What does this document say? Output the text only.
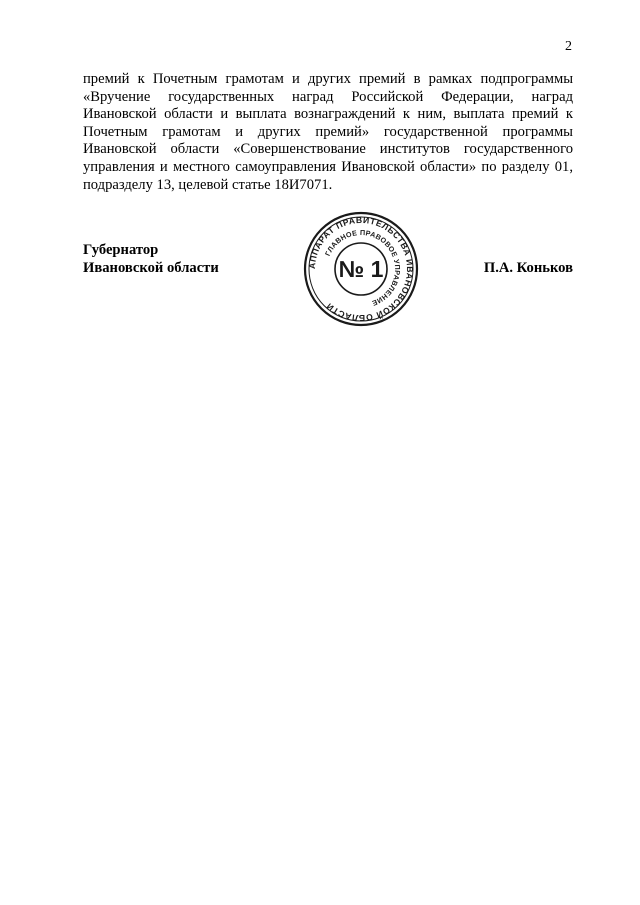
2

премий к Почетным грамотам и других премий в рамках подпрограммы «Вручение государственных наград Российской Федерации, наград Ивановской области и выплата вознаграждений к ним, выплата премий к Почетным грамотам и других премий» государственной программы Ивановской области «Совершенствование институтов государственного управления и местного самоуправления Ивановской области» по разделу 01, подразделу 13, целевой статье 18И7071.

Губернатор
Ивановской области	АППАРАТ ПРАВИТЕЛЬСТВА ИВАНОВСКОЙ ОБЛАСТИ
ГЛАВНОЕ ПРАВОВОЕ УПРАВЛЕНИЕ
№ 1	П.А. Коньков
